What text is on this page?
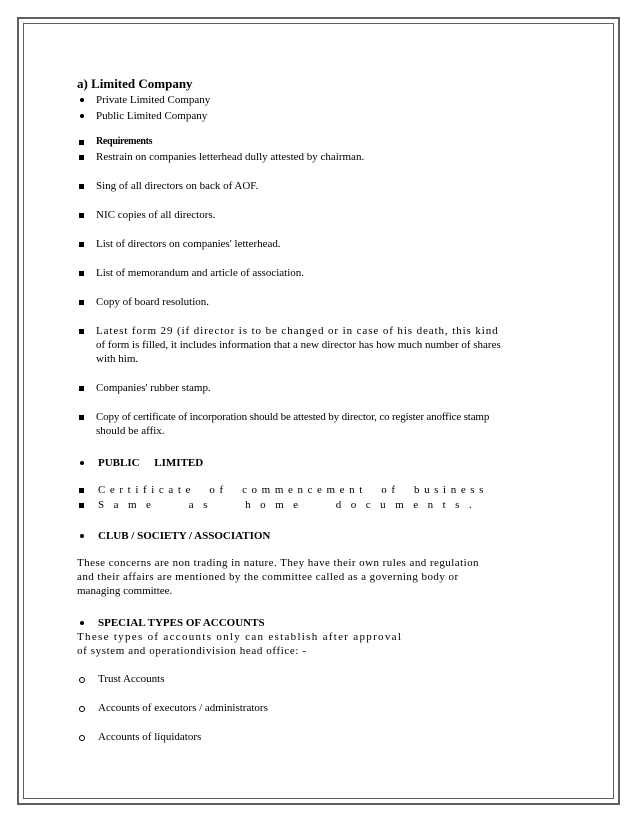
a) Limited Company
Private Limited Company
Public Limited Company
Requirements
Restrain on companies letterhead dully attested by chairman.
Sing of all directors on back of AOF.
NIC copies of all directors.
List of directors on companies' letterhead.
List of memorandum and article of association.
Copy of board resolution.
Latest form 29 (if director is to be changed or in case of his death, this kind
of form is filled, it includes information that a new director has how much number of shares
with him.
Companies' rubber stamp.
Copy of certificate of incorporation should be attested by director, co register anoffice stamp
should be affix.
PUBLIC LIMITED
Certificate of commencement of business
Same as home documents.
CLUB / SOCIETY / ASSOCIATION
These concerns are non trading in nature. They have their own rules and regulation
and their affairs are mentioned by the committee called as a governing body or
managing committee.
SPECIAL TYPES OF ACCOUNTS
These types of accounts only can establish after approval
of system and operationdivision head office: -
Trust Accounts
Accounts of executors / administrators
Accounts of liquidators
